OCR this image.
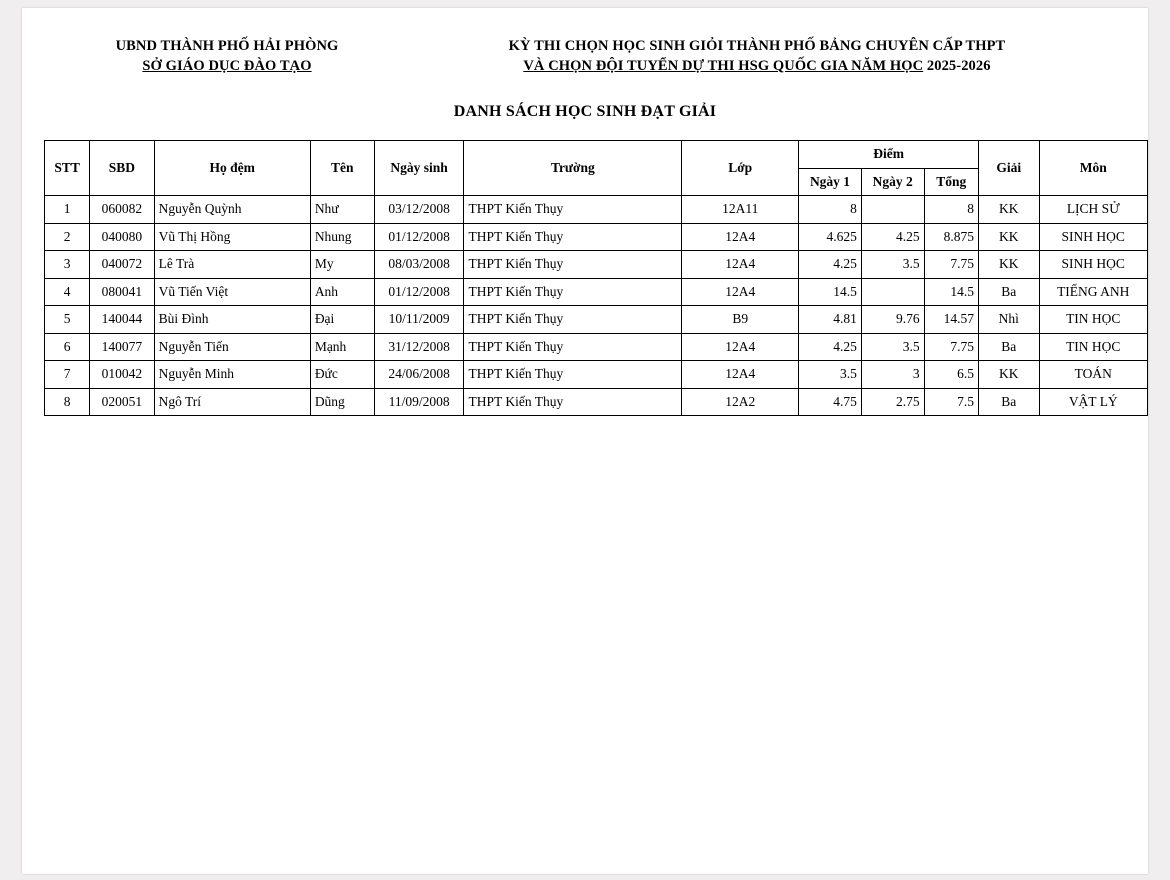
UBND THÀNH PHỐ HẢI PHÒNG
SỞ GIÁO DỤC ĐÀO TẠO
KỲ THI CHỌN HỌC SINH GIỎI THÀNH PHỐ BẢNG CHUYÊN CẤP THPT
VÀ CHỌN ĐỘI TUYỂN DỰ THI HSG QUỐC GIA NĂM HỌC 2025-2026
DANH SÁCH HỌC SINH ĐẠT GIẢI
STT	SBD	Họ đệm	Tên	Ngày sinh	Trường	Lớp	Điểm			Giải	Môn
							Ngày 1	Ngày 2	Tổng		
1	060082	Nguyễn Quỳnh	Như	03/12/2008	THPT Kiến Thụy	12A11	8		8	KK	LỊCH SỬ
2	040080	Vũ Thị Hồng	Nhung	01/12/2008	THPT Kiến Thụy	12A4	4.625	4.25	8.875	KK	SINH HỌC
3	040072	Lê Trà	My	08/03/2008	THPT Kiến Thụy	12A4	4.25	3.5	7.75	KK	SINH HỌC
4	080041	Vũ Tiến Việt	Anh	01/12/2008	THPT Kiến Thụy	12A4	14.5		14.5	Ba	TIẾNG ANH
5	140044	Bùi Đình	Đại	10/11/2009	THPT Kiến Thụy	B9	4.81	9.76	14.57	Nhì	TIN HỌC
6	140077	Nguyễn Tiến	Mạnh	31/12/2008	THPT Kiến Thụy	12A4	4.25	3.5	7.75	Ba	TIN HỌC
7	010042	Nguyễn Minh	Đức	24/06/2008	THPT Kiến Thụy	12A4	3.5	3	6.5	KK	TOÁN
8	020051	Ngô Trí	Dũng	11/09/2008	THPT Kiến Thụy	12A2	4.75	2.75	7.5	Ba	VẬT LÝ
